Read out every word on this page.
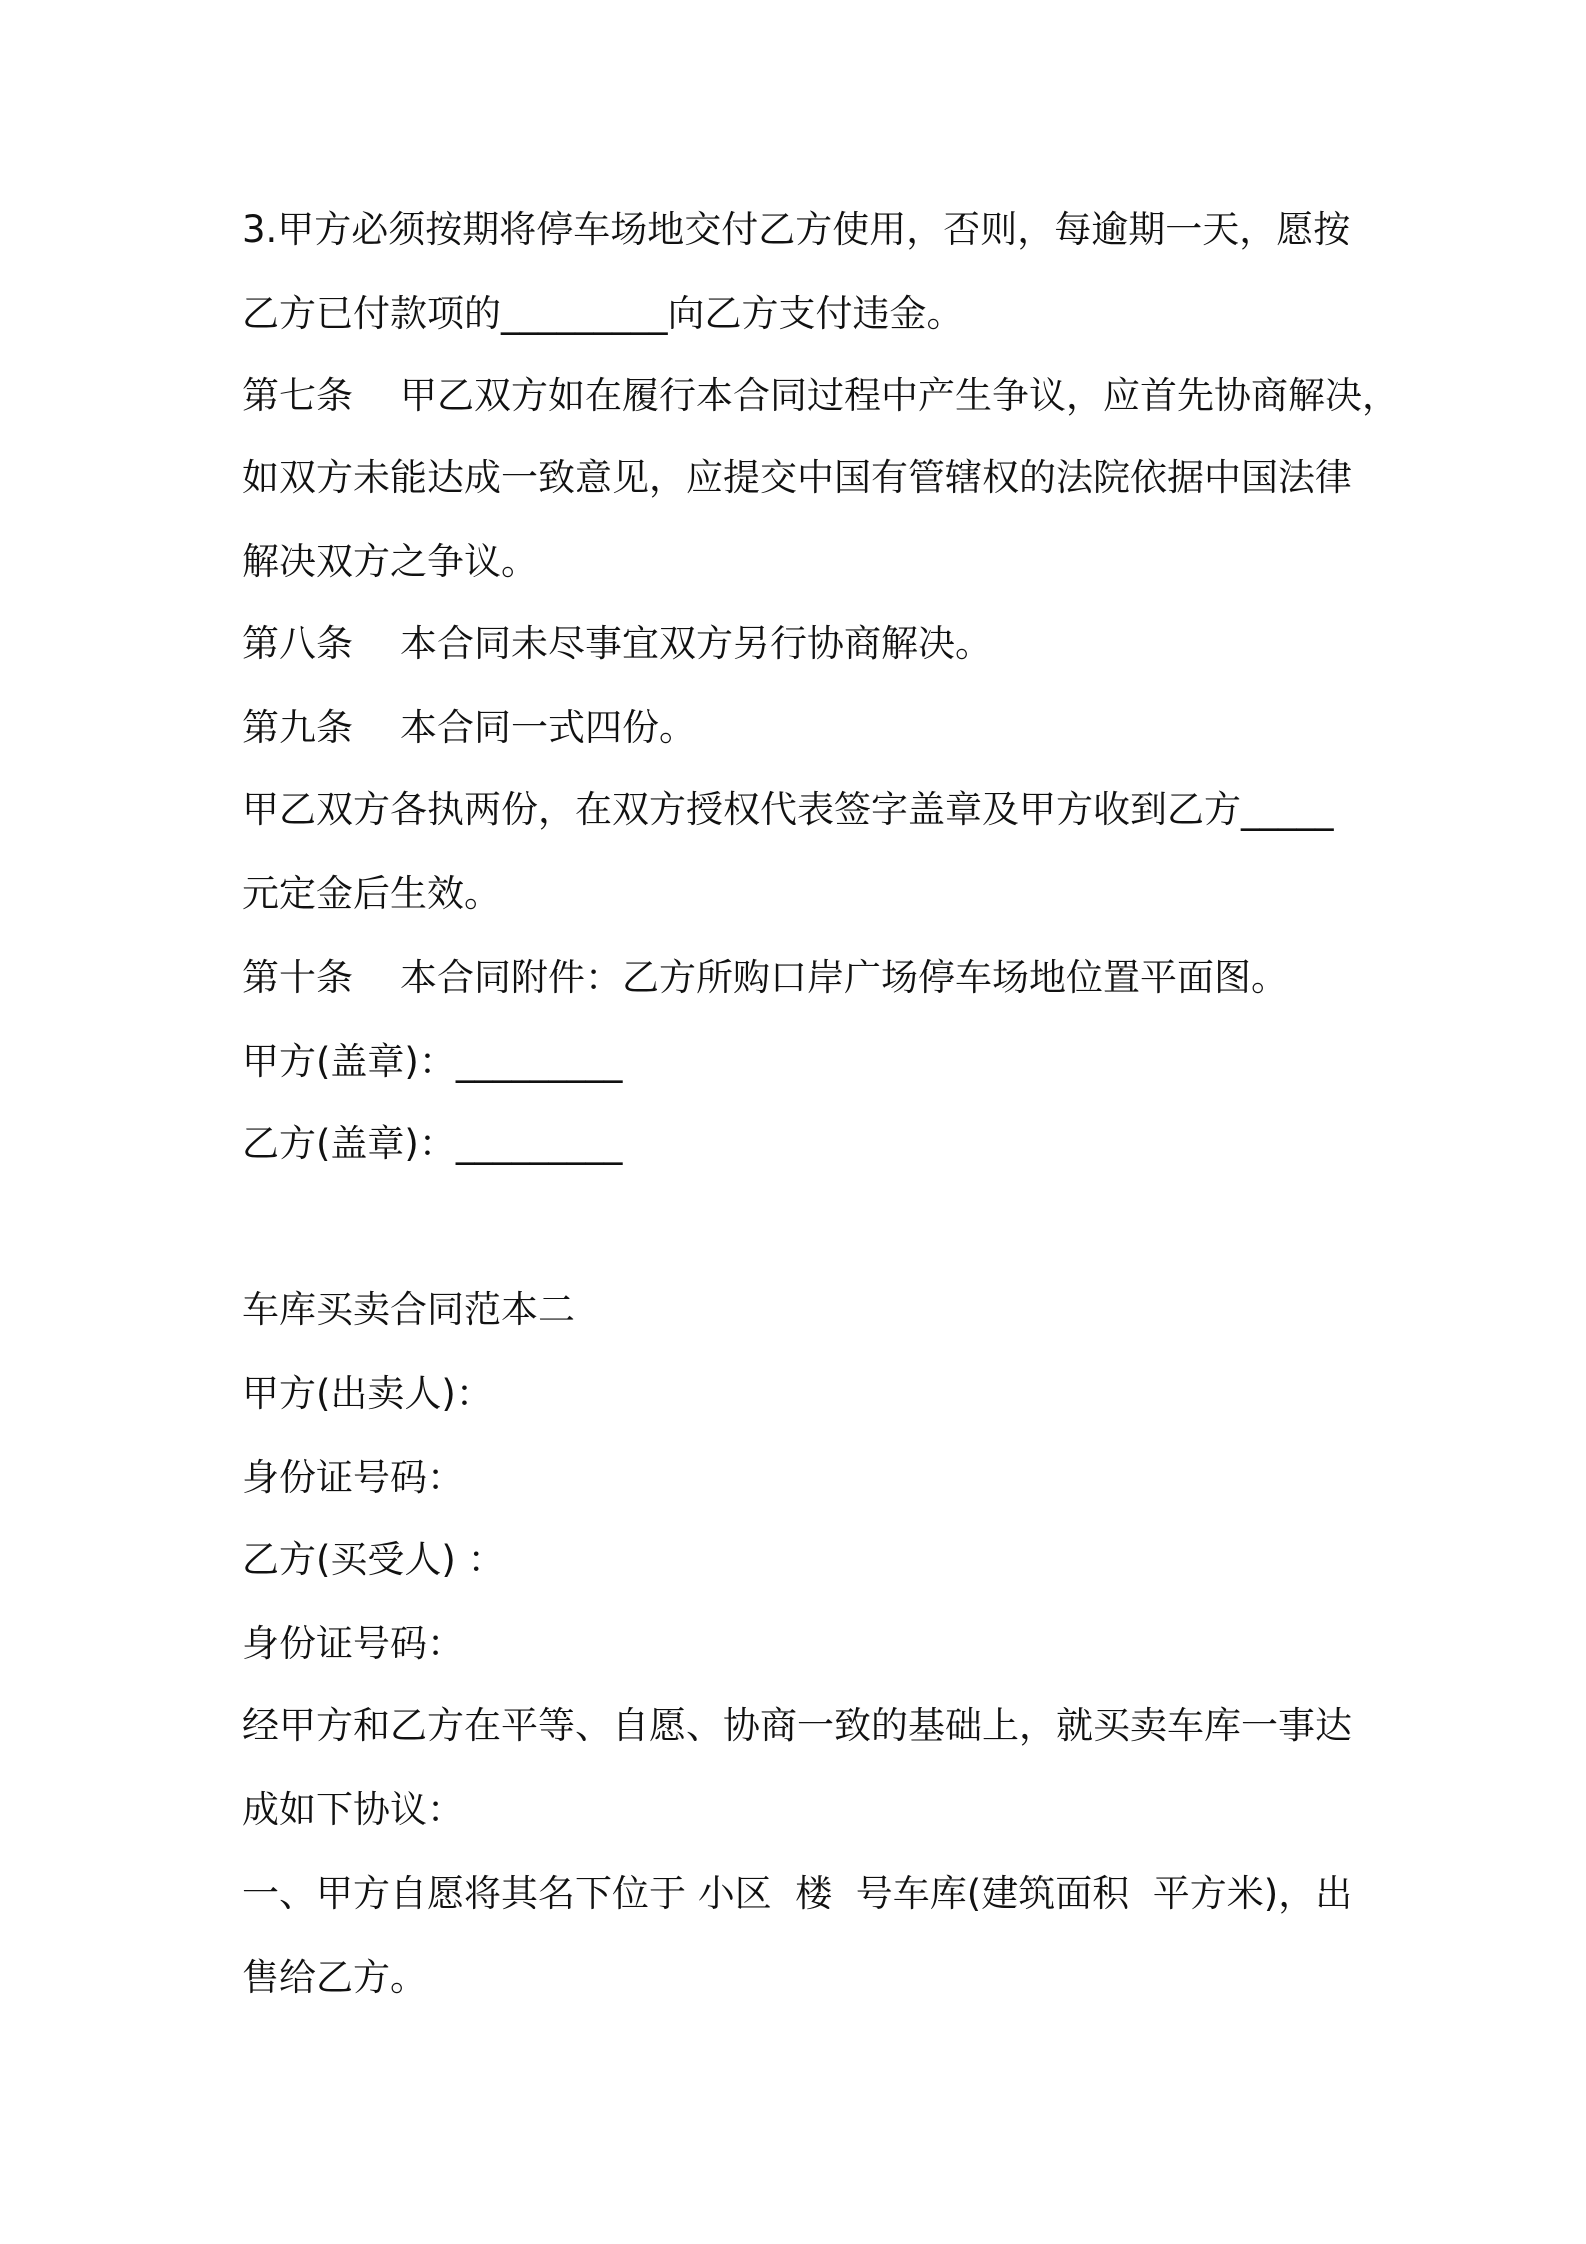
3.甲方必须按期将停车场地交付乙方使用，否则，每逾期一天，愿按

乙方已付款项的_________向乙方支付违金。

第七条    甲乙双方如在履行本合同过程中产生争议，应首先协商解决，

如双方未能达成一致意见，应提交中国有管辖权的法院依据中国法律

解决双方之争议。

第八条    本合同未尽事宜双方另行协商解决。

第九条    本合同一式四份。

甲乙双方各执两份，在双方授权代表签字盖章及甲方收到乙方_____

元定金后生效。

第十条    本合同附件：乙方所购口岸广场停车场地位置平面图。

甲方(盖章)：_________

乙方(盖章)：_________

车库买卖合同范本二

甲方(出卖人)：

身份证号码：

乙方(买受人) ：

身份证号码：

经甲方和乙方在平等、自愿、协商一致的基础上，就买卖车库一事达

成如下协议：

一、甲方自愿将其名下位于 小区  楼  号车库(建筑面积  平方米)，出

售给乙方。
